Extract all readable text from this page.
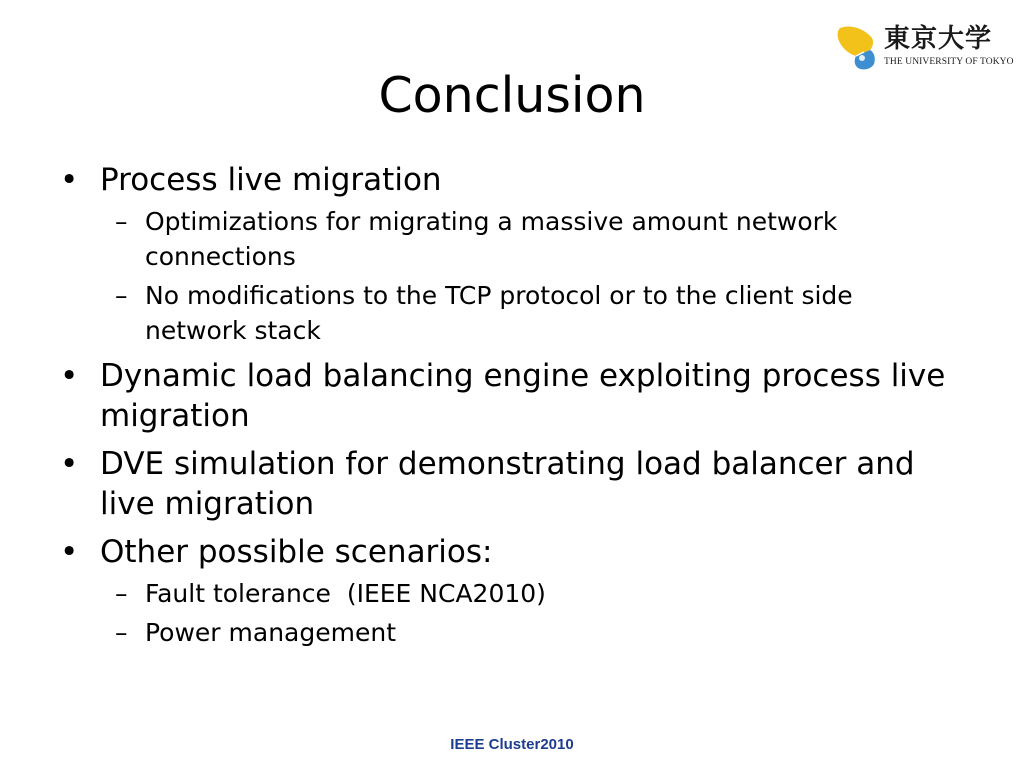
東京大学
THE UNIVERSITY OF TOKYO
Conclusion
• Process live migration
– Optimizations for migrating a massive amount network connections
– No modifications to the TCP protocol or to the client side network stack
• Dynamic load balancing engine exploiting process live migration
• DVE simulation for demonstrating load balancer and live migration
• Other possible scenarios:
– Fault tolerance  (IEEE NCA2010)
– Power management
IEEE Cluster2010
